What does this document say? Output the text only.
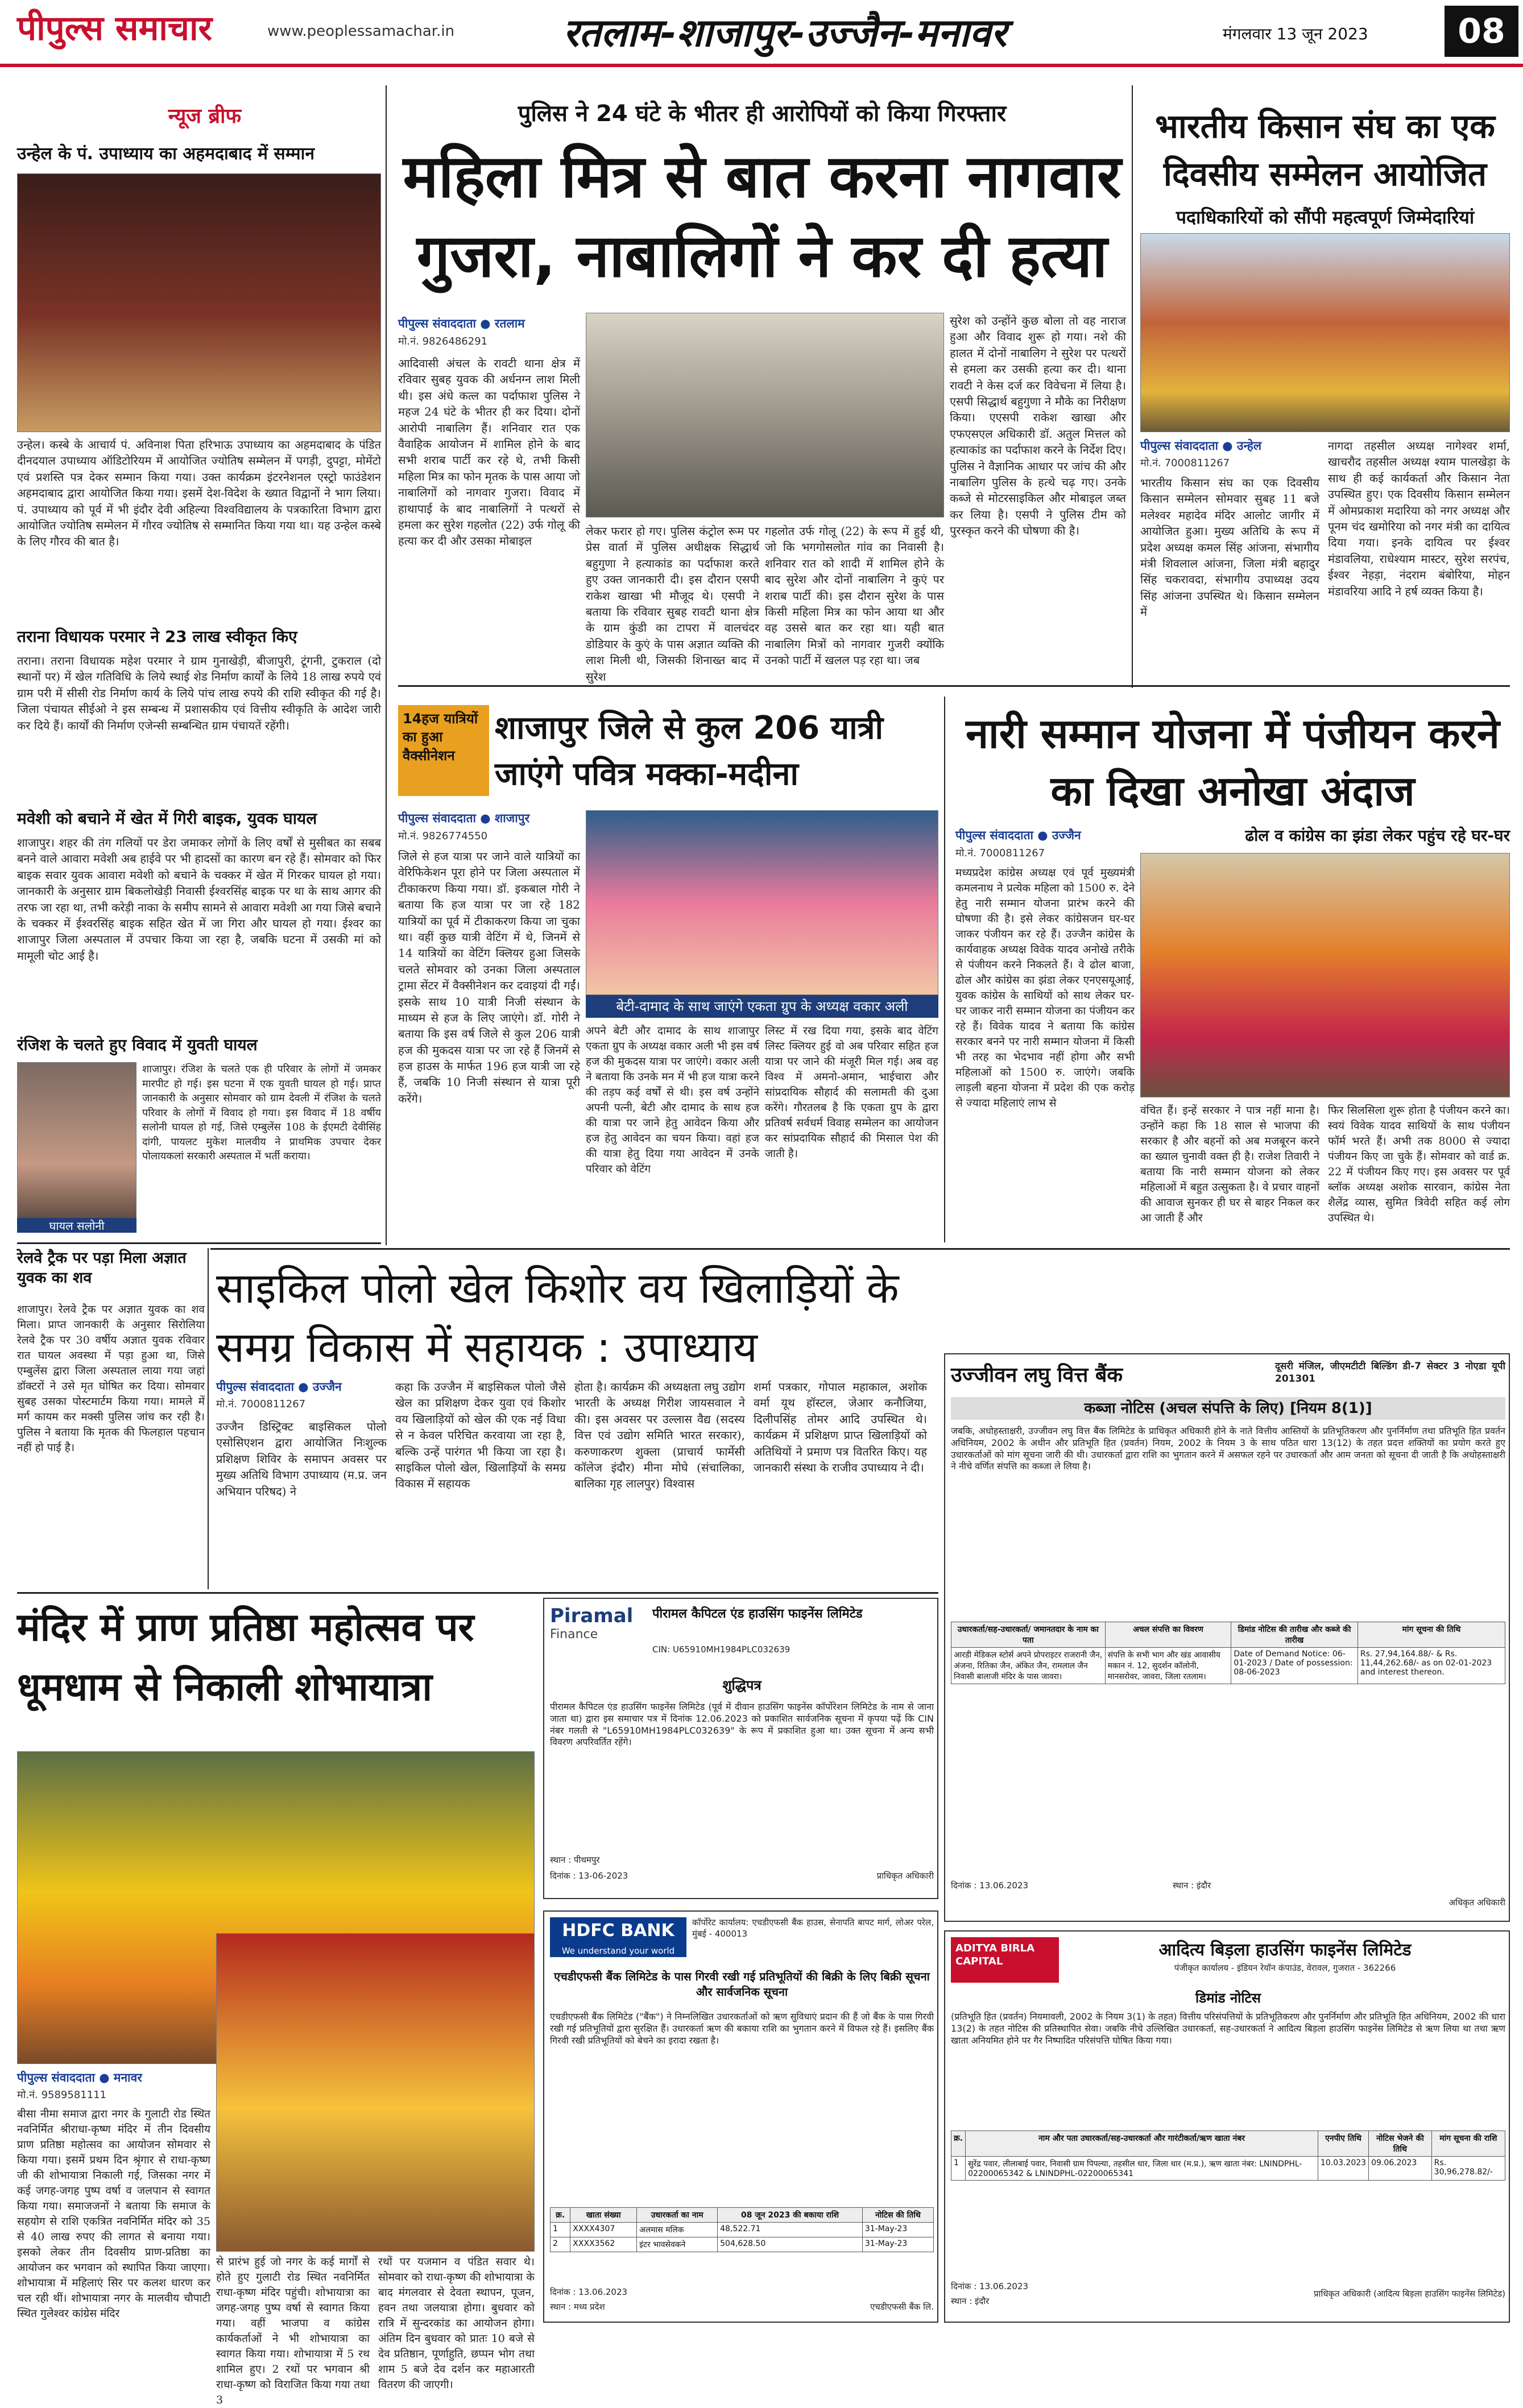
पीपुल्स समाचार	www.peoplessamachar.in	रतलाम-शाजापुर-उज्जैन-मनावर	मंगलवार 13 जून 2023	08
न्यूज ब्रीफ
उन्हेल के पं. उपाध्याय का अहमदाबाद में सम्मान
उन्हेल। कस्बे के आचार्य पं. अविनाश पिता हरिभाऊ उपाध्याय का अहमदाबाद के पंडित दीनदयाल उपाध्याय ऑडिटोरियम में आयोजित ज्योतिष सम्मेलन में पगड़ी, दुपट्टा, मोमेंटो एवं प्रशस्ति पत्र देकर सम्मान किया गया। उक्त कार्यक्रम इंटरनेशनल एस्ट्रो फाउंडेशन अहमदाबाद द्वारा आयोजित किया गया। इसमें देश-विदेश के ख्यात विद्वानों ने भाग लिया। पं. उपाध्याय को पूर्व में भी इंदौर देवी अहिल्या विश्वविद्यालय के पत्रकारिता विभाग द्वारा आयोजित ज्योतिष सम्मेलन में गौरव ज्योतिष से सम्मानित किया गया था। यह उन्हेल कस्बे के लिए गौरव की बात है।
तराना विधायक परमार ने 23 लाख स्वीकृत किए
तराना। तराना विधायक महेश परमार ने ग्राम गुनाखेड़ी, बीजापुरी, टूंगनी, टुकराल (दो स्थानों पर) में खेल गतिविधि के लिये स्थाई शेड निर्माण कार्यों के लिये 18 लाख रुपये एवं ग्राम परी में सीसी रोड निर्माण कार्य के लिये पांच लाख रुपये की राशि स्वीकृत की गई है। जिला पंचायत सीईओ ने इस सम्बन्ध में प्रशासकीय एवं वित्तीय स्वीकृति के आदेश जारी कर दिये हैं। कार्यों की निर्माण एजेन्सी सम्बन्धित ग्राम पंचायतें रहेंगी।
मवेशी को बचाने में खेत में गिरी बाइक, युवक घायल
शाजापुर। शहर की तंग गलियों पर डेरा जमाकर लोगों के लिए वर्षों से मुसीबत का सबब बनने वाले आवारा मवेशी अब हाईवे पर भी हादसों का कारण बन रहे हैं। सोमवार को फिर बाइक सवार युवक आवारा मवेशी को बचाने के चक्कर में खेत में गिरकर घायल हो गया। जानकारी के अनुसार ग्राम बिकलोखेड़ी निवासी ईश्वरसिंह बाइक पर था के साथ आगर की तरफ जा रहा था, तभी करेड़ी नाका के समीप सामने से आवारा मवेशी आ गया जिसे बचाने के चक्कर में ईश्वरसिंह बाइक सहित खेत में जा गिरा और घायल हो गया। ईश्वर का शाजापुर जिला अस्पताल में उपचार किया जा रहा है, जबकि घटना में उसकी मां को मामूली चोट आई है।
रंजिश के चलते हुए विवाद में युवती घायल
घायल सलोनी
शाजापुर। रंजिश के चलते एक ही परिवार के लोगों में जमकर मारपीट हो गई। इस घटना में एक युवती घायल हो गई। प्राप्त जानकारी के अनुसार सोमवार को ग्राम देवली में रंजिश के चलते परिवार के लोगों में विवाद हो गया। इस विवाद में 18 वर्षीय सलोनी घायल हो गई, जिसे एम्बुलेंस 108 के ईएमटी देवीसिंह दांगी, पायलट मुकेश मालवीय ने प्राथमिक उपचार देकर पोलायकलां सरकारी अस्पताल में भर्ती कराया।
रेलवे ट्रैक पर पड़ा मिला अज्ञात युवक का शव
शाजापुर। रेलवे ट्रैक पर अज्ञात युवक का शव मिला। प्राप्त जानकारी के अनुसार सिरोलिया रेलवे ट्रैक पर 30 वर्षीय अज्ञात युवक रविवार रात घायल अवस्था में पड़ा हुआ था, जिसे एम्बुलेंस द्वारा जिला अस्पताल लाया गया जहां डॉक्टरों ने उसे मृत घोषित कर दिया। सोमवार सुबह उसका पोस्टमार्टम किया गया। मामले में मर्ग कायम कर मक्सी पुलिस जांच कर रही है। पुलिस ने बताया कि मृतक की फिलहाल पहचान नहीं हो पाई है।
पुलिस ने 24 घंटे के भीतर ही आरोपियों को किया गिरफ्तार
महिला मित्र से बात करना नागवार गुजरा, नाबालिगों ने कर दी हत्या
पीपुल्स संवाददाता ● रतलाम
मो.नं. 9826486291
आदिवासी अंचल के रावटी थाना क्षेत्र में रविवार सुबह युवक की अर्धनग्न लाश मिली थी। इस अंधे कत्ल का पर्दाफाश पुलिस ने महज 24 घंटे के भीतर ही कर दिया। दोनों आरोपी नाबालिग हैं। शनिवार रात एक वैवाहिक आयोजन में शामिल होने के बाद सभी शराब पार्टी कर रहे थे, तभी किसी महिला मित्र का फोन मृतक के पास आया जो नाबालिगों को नागवार गुजरा। विवाद में हाथापाई के बाद नाबालिगों ने पत्थरों से हमला कर सुरेश गहलोत (22) उर्फ गोलू की हत्या कर दी और उसका मोबाइल
लेकर फरार हो गए। पुलिस कंट्रोल रूम पर प्रेस वार्ता में पुलिस अधीक्षक सिद्धार्थ बहुगुणा ने हत्याकांड का पर्दाफाश करते हुए उक्त जानकारी दी। इस दौरान एसपी राकेश खाखा भी मौजूद थे। एसपी ने बताया कि रविवार सुबह रावटी थाना क्षेत्र के ग्राम कुंडी का टापरा में वालचंदर डोडियार के कुएं के पास अज्ञात व्यक्ति की लाश मिली थी, जिसकी शिनाख्त बाद में सुरेश
गहलोत उर्फ गोलू (22) के रूप में हुई थी, जो कि भगगोसलोत गांव का निवासी है। शनिवार रात को शादी में शामिल होने के बाद सुरेश और दोनों नाबालिग ने कुएं पर शराब पार्टी की। इस दौरान सुरेश के पास किसी महिला मित्र का फोन आया था और वह उससे बात कर रहा था। यही बात नाबालिग मित्रों को नागवार गुजरी क्योंकि उनको पार्टी में खलल पड़ रहा था। जब
सुरेश को उन्होंने कुछ बोला तो वह नाराज हुआ और विवाद शुरू हो गया। नशे की हालत में दोनों नाबालिग ने सुरेश पर पत्थरों से हमला कर उसकी हत्या कर दी। थाना रावटी ने केस दर्ज कर विवेचना में लिया है। एसपी सिद्धार्थ बहुगुणा ने मौके का निरीक्षण किया। एएसपी राकेश खाखा और एफएसएल अधिकारी डॉ. अतुल मित्तल को हत्याकांड का पर्दाफाश करने के निर्देश दिए। पुलिस ने वैज्ञानिक आधार पर जांच की और नाबालिग पुलिस के हत्थे चढ़ गए। उनके कब्जे से मोटरसाइकिल और मोबाइल जब्त कर लिया है। एसपी ने पुलिस टीम को पुरस्कृत करने की घोषणा की है।
भारतीय किसान संघ का एक दिवसीय सम्मेलन आयोजित
पदाधिकारियों को सौंपी महत्वपूर्ण जिम्मेदारियां
पीपुल्स संवाददाता ● उन्हेल
मो.नं. 7000811267
भारतीय किसान संघ का एक दिवसीय किसान सम्मेलन सोमवार सुबह 11 बजे मलेश्वर महादेव मंदिर आलोट जागीर में आयोजित हुआ। मुख्य अतिथि के रूप में प्रदेश अध्यक्ष कमल सिंह आंजना, संभागीय मंत्री शिवलाल आंजना, जिला मंत्री बहादुर सिंह चकरावदा, संभागीय उपाध्यक्ष उदय सिंह आंजना उपस्थित थे। किसान सम्मेलन में
नागदा तहसील अध्यक्ष नागेश्वर शर्मा, खाचरौद तहसील अध्यक्ष श्याम पालखेड़ा के साथ ही कई कार्यकर्ता और किसान नेता उपस्थित हुए। एक दिवसीय किसान सम्मेलन में ओमप्रकाश मदारिया को नगर अध्यक्ष और पूनम चंद खमोरिया को नगर मंत्री का दायित्व दिया गया। इनके दायित्व पर ईश्वर मंडावलिया, राधेश्याम मास्टर, सुरेश सरपंच, ईश्वर नेहड़ा, नंदराम बंबोरिया, मोहन मंडावरिया आदि ने हर्ष व्यक्त किया है।
14हज यात्रियों का हुआ वैक्सीनेशन
शाजापुर जिले से कुल 206 यात्री जाएंगे पवित्र मक्का-मदीना
पीपुल्स संवाददाता ● शाजापुर
मो.नं. 9826774550
जिले से हज यात्रा पर जाने वाले यात्रियों का वेरिफिकेशन पूरा होने पर जिला अस्पताल में टीकाकरण किया गया। डॉ. इकबाल गोरी ने बताया कि हज यात्रा पर जा रहे 182 यात्रियों का पूर्व में टीकाकरण किया जा चुका था। वहीं कुछ यात्री वेटिंग में थे, जिनमें से 14 यात्रियों का वेटिंग क्लियर हुआ जिसके चलते सोमवार को उनका जिला अस्पताल ट्रामा सेंटर में वैक्सीनेशन कर दवाइयां दी गईं। इसके साथ 10 यात्री निजी संस्थान के माध्यम से हज के लिए जाएंगे। डॉ. गोरी ने बताया कि इस वर्ष जिले से कुल 206 यात्री हज की मुकदस यात्रा पर जा रहे हैं जिनमें से हज हाउस के मार्फत 196 हज यात्री जा रहे हैं, जबकि 10 निजी संस्थान से यात्रा पूरी करेंगे।
बेटी-दामाद के साथ जाएंगे एकता ग्रुप के अध्यक्ष वकार अली
अपने बेटी और दामाद के साथ शाजापुर एकता ग्रुप के अध्यक्ष वकार अली भी इस वर्ष हज की मुकदस यात्रा पर जाएंगे। वकार अली ने बताया कि उनके मन में भी हज यात्रा करने की तड़प कई वर्षों से थी। इस वर्ष उन्होंने अपनी पत्नी, बेटी और दामाद के साथ हज की यात्रा पर जाने हेतु आवेदन किया और हज हेतु आवेदन का चयन किया। वहां हज की यात्रा हेतु दिया गया आवेदन में उनके परिवार को वेटिंग
लिस्ट में रख दिया गया, इसके बाद वेटिंग लिस्ट क्लियर हुई वो अब परिवार सहित हज यात्रा पर जाने की मंजूरी मिल गई। अब वह विश्व में अमनो-अमान, भाईचारा और सांप्रदायिक सौहार्द की सलामती की दुआ करेंगे। गौरतलब है कि एकता ग्रुप के द्वारा प्रतिवर्ष सर्वधर्म विवाह सम्मेलन का आयोजन कर सांप्रदायिक सौहार्द की मिसाल पेश की जाती है।
नारी सम्मान योजना में पंजीयन करने का दिखा अनोखा अंदाज
ढोल व कांग्रेस का झंडा लेकर पहुंच रहे घर-घर
पीपुल्स संवाददाता ● उज्जैन
मो.नं. 7000811267
मध्यप्रदेश कांग्रेस अध्यक्ष एवं पूर्व मुख्यमंत्री कमलनाथ ने प्रत्येक महिला को 1500 रु. देने हेतु नारी सम्मान योजना प्रारंभ करने की घोषणा की है। इसे लेकर कांग्रेसजन घर-घर जाकर पंजीयन कर रहे हैं। उज्जैन कांग्रेस के कार्यवाहक अध्यक्ष विवेक यादव अनोखे तरीके से पंजीयन करने निकलते हैं। वे ढोल बाजा, ढोल और कांग्रेस का झंडा लेकर एनएसयूआई, युवक कांग्रेस के साथियों को साथ लेकर घर-घर जाकर नारी सम्मान योजना का पंजीयन कर रहे हैं। विवेक यादव ने बताया कि कांग्रेस सरकार बनने पर नारी सम्मान योजना में किसी भी तरह का भेदभाव नहीं होगा और सभी महिलाओं को 1500 रु. जाएंगे। जबकि लाड़ली बहना योजना में प्रदेश की एक करोड़ से ज्यादा महिलाएं लाभ से
वंचित हैं। इन्हें सरकार ने पात्र नहीं माना है। उन्होंने कहा कि 18 साल से भाजपा की सरकार है और बहनों को अब मजबूरन करने का ख्याल चुनावी वक्त ही है। राजेश तिवारी ने बताया कि नारी सम्मान योजना को लेकर महिलाओं में बहुत उत्सुकता है। वे प्रचार वाहनों की आवाज सुनकर ही घर से बाहर निकल कर आ जाती हैं और
फिर सिलसिला शुरू होता है पंजीयन करने का। स्वयं विवेक यादव साथियों के साथ पंजीयन फॉर्म भरते हैं। अभी तक 8000 से ज्यादा पंजीयन किए जा चुके हैं। सोमवार को वार्ड क्र. 22 में पंजीयन किए गए। इस अवसर पर पूर्व ब्लॉक अध्यक्ष अशोक सारवान, कांग्रेस नेता शैलेंद्र व्यास, सुमित त्रिवेदी सहित कई लोग उपस्थित थे।
साइकिल पोलो खेल किशोर वय खिलाड़ियों के समग्र विकास में सहायक : उपाध्याय
पीपुल्स संवाददाता ● उज्जैन
मो.नं. 7000811267
उज्जैन डिस्ट्रिक्ट बाइसिकल पोलो एसोसिएशन द्वारा आयोजित निःशुल्क प्रशिक्षण शिविर के समापन अवसर पर मुख्य अतिथि विभाग उपाध्याय (म.प्र. जन अभियान परिषद) ने
कहा कि उज्जैन में बाइसिकल पोलो जैसे खेल का प्रशिक्षण देकर युवा एवं किशोर वय खिलाड़ियों को खेल की एक नई विधा से न केवल परिचित करवाया जा रहा है, बल्कि उन्हें पारंगत भी किया जा रहा है। साइकिल पोलो खेल, खिलाड़ियों के समग्र विकास में सहायक
होता है। कार्यक्रम की अध्यक्षता लघु उद्योग भारती के अध्यक्ष गिरीश जायसवाल ने की। इस अवसर पर उल्लास वैद्य (सदस्य वित्त एवं उद्योग समिति भारत सरकार), करुणाकरण शुक्ला (प्राचार्य फार्मेसी कॉलेज इंदौर) मीना मोघे (संचालिका, बालिका गृह लालपुर) विश्वास
शर्मा पत्रकार, गोपाल महाकाल, अशोक वर्मा यूथ हॉस्टल, जेआर कनौजिया, दिलीपसिंह तोमर आदि उपस्थित थे। कार्यक्रम में प्रशिक्षण प्राप्त खिलाड़ियों को अतिथियों ने प्रमाण पत्र वितरित किए। यह जानकारी संस्था के राजीव उपाध्याय ने दी।
मंदिर में प्राण प्रतिष्ठा महोत्सव पर धूमधाम से निकाली शोभायात्रा
पीपुल्स संवाददाता ● मनावर
मो.नं. 9589581111
बीसा नीमा समाज द्वारा नगर के गुलाटी रोड स्थित नवनिर्मित श्रीराधा-कृष्ण मंदिर में तीन दिवसीय प्राण प्रतिष्ठा महोत्सव का आयोजन सोमवार से किया गया। इसमें प्रथम दिन श्रृंगार से राधा-कृष्ण जी की शोभायात्रा निकाली गई, जिसका नगर में कई जगह-जगह पुष्प वर्षा व जलपान से स्वागत किया गया। समाजजनों ने बताया कि समाज के सहयोग से राशि एकत्रित नवनिर्मित मंदिर को 35 से 40 लाख रुपए की लागत से बनाया गया। इसको लेकर तीन दिवसीय प्राण-प्रतिष्ठा का आयोजन कर भगवान को स्थापित किया जाएगा। शोभायात्रा में महिलाएं सिर पर कलश धारण कर चल रही थीं। शोभायात्रा नगर के मालवीय चौपाटी स्थित गुलेश्वर कांग्रेस मंदिर
से प्रारंभ हुई जो नगर के कई मार्गों से होते हुए गुलाटी रोड स्थित नवनिर्मित राधा-कृष्ण मंदिर पहुंची। शोभायात्रा का जगह-जगह पुष्प वर्षा से स्वागत किया गया। वहीं भाजपा व कांग्रेस कार्यकर्ताओं ने भी शोभायात्रा का स्वागत किया गया। शोभायात्रा में 5 रथ शामिल हुए। 2 रथों पर भगवान श्री राधा-कृष्ण को विराजित किया गया तथा 3
रथों पर यजमान व पंडित सवार थे। सोमवार को राधा-कृष्ण की शोभायात्रा के बाद मंगलवार से देवता स्थापन, पूजन, हवन तथा जलयात्रा होगा। बुधवार को रात्रि में सुन्दरकांड का आयोजन होगा। अंतिम दिन बुधवार को प्रातः 10 बजे से देव प्रतिष्ठान, पूर्णाहुति, छप्पन भोग तथा शाम 5 बजे देव दर्शन कर महाआरती वितरण की जाएगी।
Piramal
Finance
पीरामल कैपिटल एंड हाउसिंग फाइनेंस लिमिटेड
CIN: U65910MH1984PLC032639
शुद्धिपत्र
पीरामल कैपिटल एंड हाउसिंग फाइनेंस लिमिटेड (पूर्व में दीवान हाउसिंग फाइनेंस कॉर्पोरेशन लिमिटेड के नाम से जाना जाता था) द्वारा इस समाचार पत्र में दिनांक 12.06.2023 को प्रकाशित सार्वजनिक सूचना में कृपया पढ़ें कि CIN नंबर गलती से "L65910MH1984PLC032639" के रूप में प्रकाशित हुआ था। उक्त सूचना में अन्य सभी विवरण अपरिवर्तित रहेंगे।
स्थान : पीथमपुर
दिनांक : 13-06-2023	प्राधिकृत अधिकारी
HDFC BANK
We understand your world
कॉर्पोरेट कार्यालय: एचडीएफसी बैंक हाउस, सेनापति बापट मार्ग, लोअर परेल, मुंबई - 400013
एचडीएफसी बैंक लिमिटेड के पास गिरवी रखी गई प्रतिभूतियों की बिक्री के लिए बिक्री सूचना और सार्वजनिक सूचना
एचडीएफसी बैंक लिमिटेड ("बैंक") ने निम्नलिखित उधारकर्ताओं को ऋण सुविधाएं प्रदान की हैं जो बैंक के पास गिरवी रखी गई प्रतिभूतियों द्वारा सुरक्षित हैं। उधारकर्ता ऋण की बकाया राशि का भुगतान करने में विफल रहे हैं। इसलिए बैंक गिरवी रखी प्रतिभूतियों को बेचने का इरादा रखता है।
क्र.	खाता संख्या	उधारकर्ता का नाम	08 जून 2023 की बकाया राशि	नोटिस की तिथि
1	XXXX4307	अलमास मलिक	48,522.71	31-May-23
2	XXXX3562	इंटर भावसेवकने	504,628.50	31-May-23
दिनांक : 13.06.2023
स्थान : मध्य प्रदेश	एचडीएफसी बैंक लि.
उज्जीवन लघु वित्त बैंक	दूसरी मंजिल, जीएमटीटी बिल्डिंग डी-7 सेक्टर 3 नोएडा यूपी 201301
कब्जा नोटिस (अचल संपत्ति के लिए) [नियम 8(1)]
जबकि, अधोहस्ताक्षरी, उज्जीवन लघु वित्त बैंक लिमिटेड के प्राधिकृत अधिकारी होने के नाते वित्तीय आस्तियों के प्रतिभूतिकरण और पुनर्निर्माण तथा प्रतिभूति हित प्रवर्तन अधिनियम, 2002 के अधीन और प्रतिभूति हित (प्रवर्तन) नियम, 2002 के नियम 3 के साथ पठित धारा 13(12) के तहत प्रदत्त शक्तियों का प्रयोग करते हुए उधारकर्ताओं को मांग सूचना जारी की थी। उधारकर्ता द्वारा राशि का भुगतान करने में असफल रहने पर उधारकर्ता और आम जनता को सूचना दी जाती है कि अधोहस्ताक्षरी ने नीचे वर्णित संपत्ति का कब्जा ले लिया है।
उधारकर्ता/सह-उधारकर्ता/ जमानतदार के नाम का पता	अचल संपत्ति का विवरण	डिमांड नोटिस की तारीख और कब्जे की तारीख	मांग सूचना की तिथि
आरडी मेडिकल स्टोर्स अपने प्रोपराइटर राजरानी जैन, अंजना, रितिका जैन, अंकित जैन, रामलाल जैन निवासी बालाजी मंदिर के पास जावरा।	संपत्ति के सभी भाग और खंड आवासीय मकान नं. 12, सुदर्शन कॉलोनी, मानसरोवर, जावरा, जिला रतलाम।	Date of Demand Notice: 06-01-2023 / Date of possession: 08-06-2023	Rs. 27,94,164.88/- & Rs. 11,44,262.68/- as on 02-01-2023 and interest thereon.
दिनांक : 13.06.2023	स्थान : इंदौर
अधिकृत अधिकारी
ADITYA BIRLA CAPITAL
आदित्य बिड़ला हाउसिंग फाइनेंस लिमिटेड
पंजीकृत कार्यालय - इंडियन रेयॉन कंपाउंड, वेरावल, गुजरात - 362266
डिमांड नोटिस
(प्रतिभूति हित (प्रवर्तन) नियमावली, 2002 के नियम 3(1) के तहत) वित्तीय परिसंपत्तियों के प्रतिभूतिकरण और पुनर्निर्माण और प्रतिभूति हित अधिनियम, 2002 की धारा 13(2) के तहत नोटिस की प्रतिस्थापित सेवा। जबकि नीचे उल्लिखित उधारकर्ता, सह-उधारकर्ता ने आदित्य बिड़ला हाउसिंग फाइनेंस लिमिटेड से ऋण लिया था तथा ऋण खाता अनियमित होने पर गैर निष्पादित परिसंपत्ति घोषित किया गया।
क्र.	नाम और पता उधारकर्ता/सह-उधारकर्ता और गारंटीकर्ता/ऋण खाता नंबर	एनपीए तिथि	नोटिस भेजने की तिथि	मांग सूचना की राशि
1	सुरेंद्र पवार, लीलाबाई पवार, निवासी ग्राम पिपल्या, तहसील धार, जिला धार (म.प्र.), ऋण खाता नंबर: LNINDPHL-02200065342 & LNINDPHL-02200065341	10.03.2023	09.06.2023	Rs. 30,96,278.82/-
दिनांक : 13.06.2023
स्थान : इंदौर
प्राधिकृत अधिकारी (आदित्य बिड़ला हाउसिंग फाइनेंस लिमिटेड)
